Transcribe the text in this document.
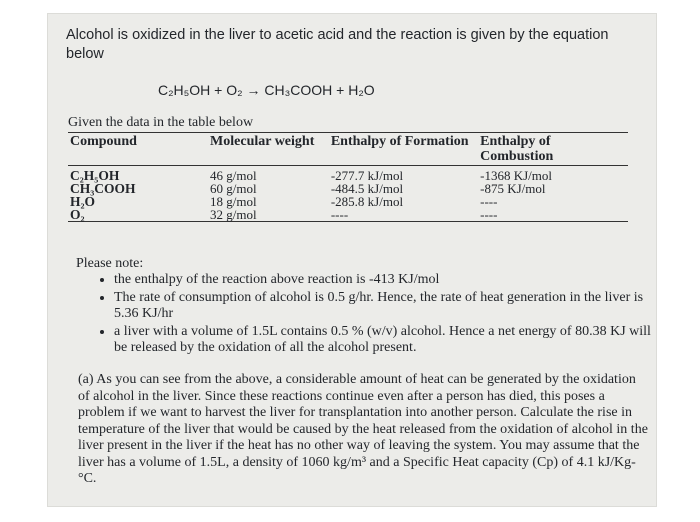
Alcohol is oxidized in the liver to acetic acid and the reaction is given by the equation below
C₂H₅OH + O₂ → CH₃COOH + H₂O
Given the data in the table below
Compound	Molecular weight	Enthalpy of Formation	Enthalpy of Combustion
C₂H₅OH	46 g/mol	-277.7 kJ/mol	-1368 KJ/mol
CH₃COOH	60 g/mol	-484.5 kJ/mol	-875 KJ/mol
H₂O	18 g/mol	-285.8 kJ/mol	----
O₂	32 g/mol	----	----
Please note:
• the enthalpy of the reaction above reaction is -413 KJ/mol
• The rate of consumption of alcohol is 0.5 g/hr. Hence, the rate of heat generation in the liver is 5.36 KJ/hr
• a liver with a volume of 1.5L contains 0.5 % (w/v) alcohol. Hence a net energy of 80.38 KJ will be released by the oxidation of all the alcohol present.
(a) As you can see from the above, a considerable amount of heat can be generated by the oxidation of alcohol in the liver. Since these reactions continue even after a person has died, this poses a problem if we want to harvest the liver for transplantation into another person. Calculate the rise in temperature of the liver that would be caused by the heat released from the oxidation of alcohol in the liver present in the liver if the heat has no other way of leaving the system. You may assume that the liver has a volume of 1.5L, a density of 1060 kg/m³ and a Specific Heat capacity (Cp) of 4.1 kJ/Kg-°C.
